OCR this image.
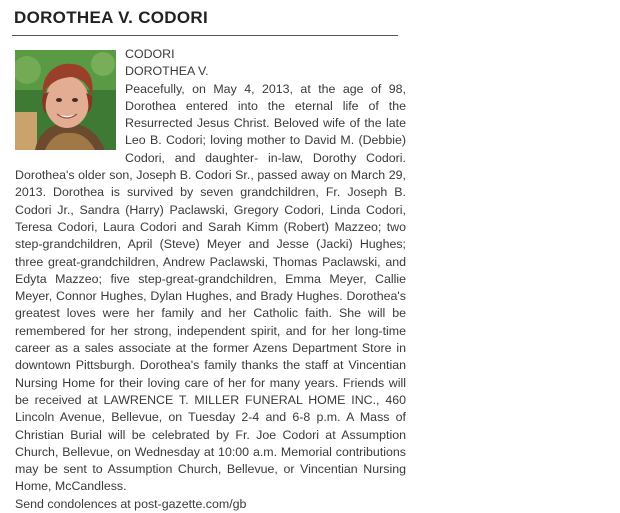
DOROTHEA V. CODORI
CODORI
DOROTHEA V.

Peacefully, on May 4, 2013, at the age of 98, Dorothea entered into the eternal life of the Resurrected Jesus Christ. Beloved wife of the late Leo B. Codori; loving mother to David M. (Debbie) Codori, and daughter- in-law, Dorothy Codori. Dorothea's older son, Joseph B. Codori Sr., passed away on March 29, 2013. Dorothea is survived by seven grandchildren, Fr. Joseph B. Codori Jr., Sandra (Harry) Paclawski, Gregory Codori, Linda Codori, Teresa Codori, Laura Codori and Sarah Kimm (Robert) Mazzeo; two step-grandchildren, April (Steve) Meyer and Jesse (Jacki) Hughes; three great-grandchildren, Andrew Paclawski, Thomas Paclawski, and Edyta Mazzeo; five step-great-grandchildren, Emma Meyer, Callie Meyer, Connor Hughes, Dylan Hughes, and Brady Hughes. Dorothea's greatest loves were her family and her Catholic faith. She will be remembered for her strong, independent spirit, and for her long-time career as a sales associate at the former Azens Department Store in downtown Pittsburgh. Dorothea's family thanks the staff at Vincentian Nursing Home for their loving care of her for many years. Friends will be received at LAWRENCE T. MILLER FUNERAL HOME INC., 460 Lincoln Avenue, Bellevue, on Tuesday 2-4 and 6-8 p.m. A Mass of Christian Burial will be celebrated by Fr. Joe Codori at Assumption Church, Bellevue, on Wednesday at 10:00 a.m. Memorial contributions may be sent to Assumption Church, Bellevue, or Vincentian Nursing Home, McCandless.

Send condolences at post-gazette.com/gb
